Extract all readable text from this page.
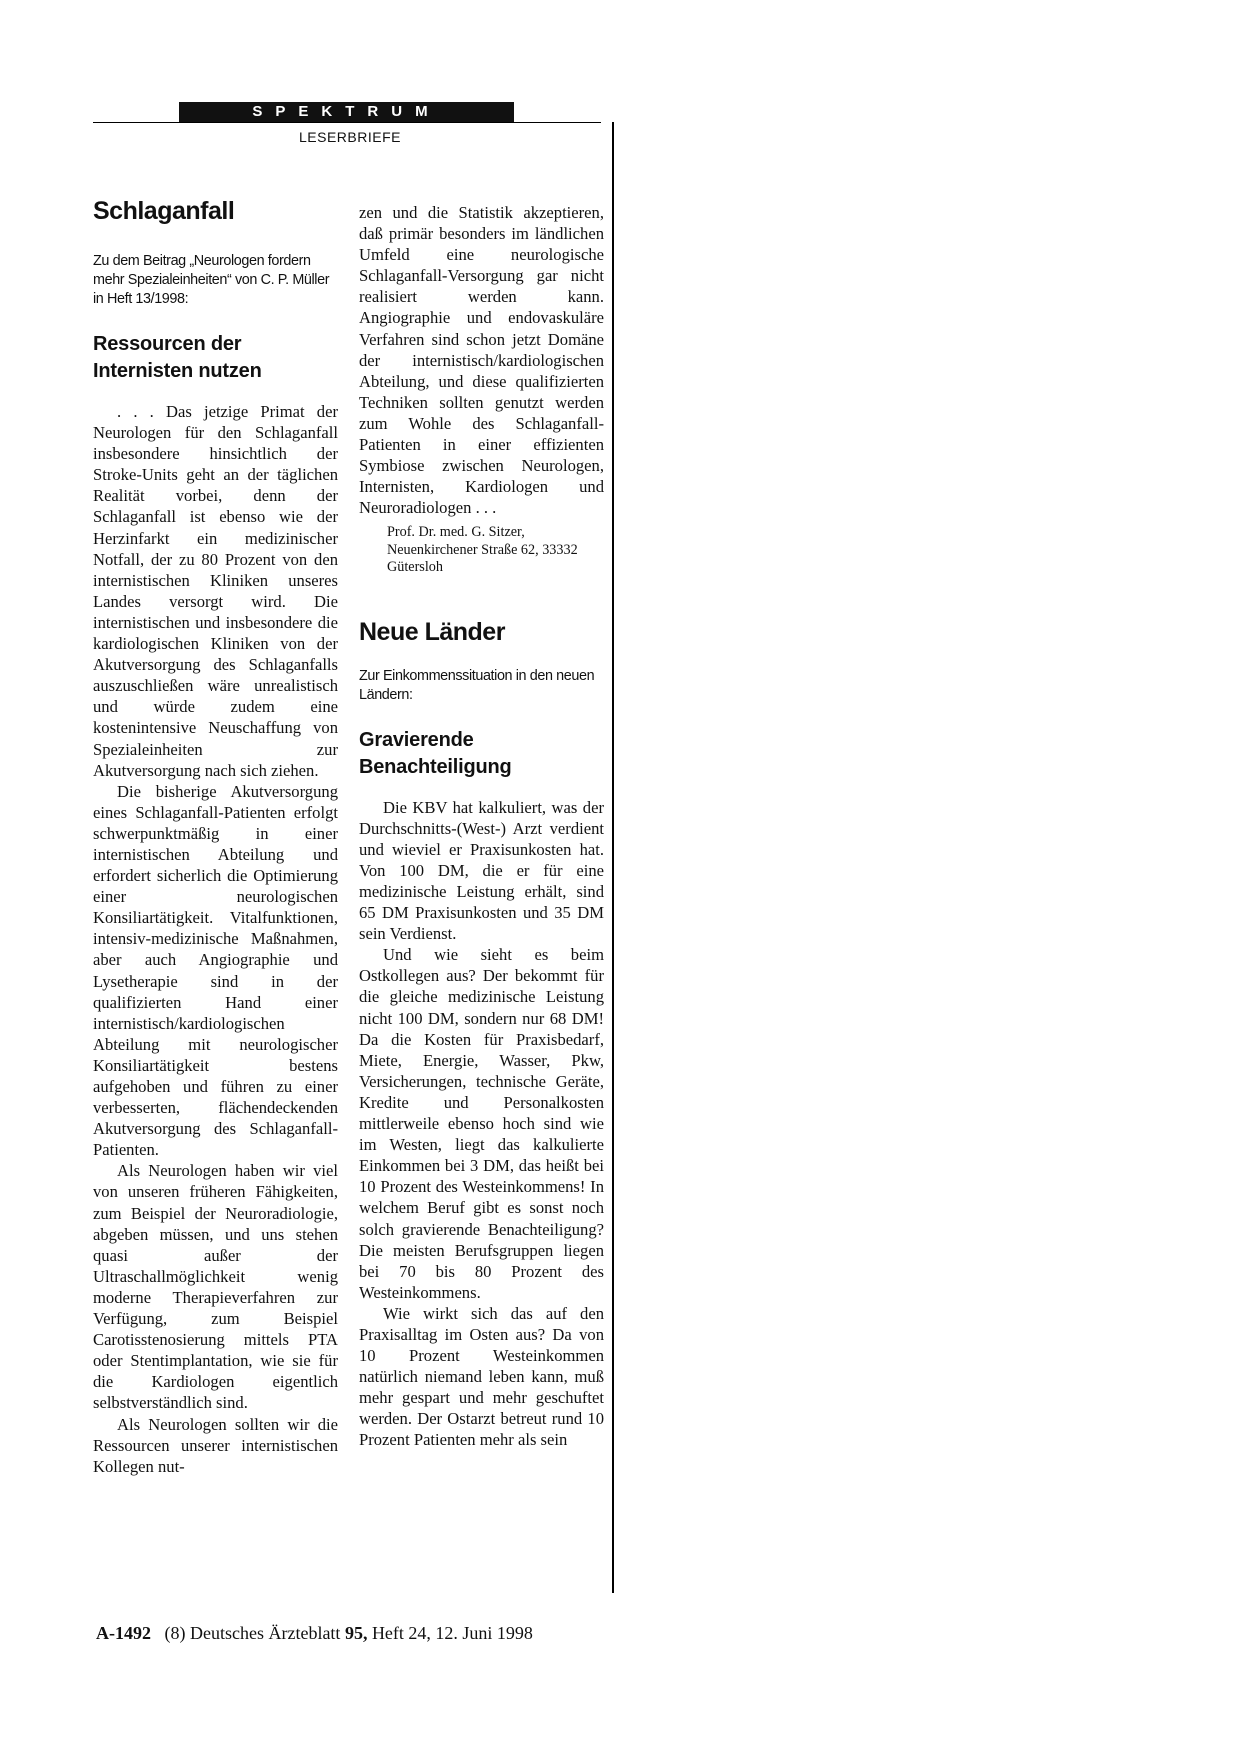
SPEKTRUM
LESERBRIEFE
Schlaganfall

Zu dem Beitrag „Neurologen fordern mehr Spezialeinheiten“ von C. P. Müller in Heft 13/1998:

Ressourcen der Internisten nutzen

. . . Das jetzige Primat der Neurologen für den Schlaganfall insbesondere hinsichtlich der Stroke-Units geht an der täglichen Realität vorbei, denn der Schlaganfall ist ebenso wie der Herzinfarkt ein medizinischer Notfall, der zu 80 Prozent von den internistischen Kliniken unseres Landes versorgt wird. Die internistischen und insbesondere die kardiologischen Kliniken von der Akutversorgung des Schlaganfalls auszuschließen wäre unrealistisch und würde zudem eine kostenintensive Neuschaffung von Spezialeinheiten zur Akutversorgung nach sich ziehen.

Die bisherige Akutversorgung eines Schlaganfall-Patienten erfolgt schwerpunktmäßig in einer internistischen Abteilung und erfordert sicherlich die Optimierung einer neurologischen Konsiliartätigkeit. Vitalfunktionen, intensiv-medizinische Maßnahmen, aber auch Angiographie und Lysetherapie sind in der qualifizierten Hand einer internistisch/kardiologischen Abteilung mit neurologischer Konsiliartätigkeit bestens aufgehoben und führen zu einer verbesserten, flächendeckenden Akutversorgung des Schlaganfall-Patienten.

Als Neurologen haben wir viel von unseren früheren Fähigkeiten, zum Beispiel der Neuroradiologie, abgeben müssen, und uns stehen quasi außer der Ultraschallmöglichkeit wenig moderne Therapieverfahren zur Verfügung, zum Beispiel Carotisstenosierung mittels PTA oder Stentimplantation, wie sie für die Kardiologen eigentlich selbstverständlich sind.

Als Neurologen sollten wir die Ressourcen unserer internistischen Kollegen nut-

zen und die Statistik akzeptieren, daß primär besonders im ländlichen Umfeld eine neurologische Schlaganfall-Versorgung gar nicht realisiert werden kann. Angiographie und endovaskuläre Verfahren sind schon jetzt Domäne der internistisch/kardiologischen Abteilung, und diese qualifizierten Techniken sollten genutzt werden zum Wohle des Schlaganfall-Patienten in einer effizienten Symbiose zwischen Neurologen, Internisten, Kardiologen und Neuroradiologen . . .

Prof. Dr. med. G. Sitzer, Neuenkirchener Straße 62, 33332 Gütersloh

Neue Länder

Zur Einkommenssituation in den neuen Ländern:

Gravierende Benachteiligung

Die KBV hat kalkuliert, was der Durchschnitts-(West-) Arzt verdient und wieviel er Praxisunkosten hat. Von 100 DM, die er für eine medizinische Leistung erhält, sind 65 DM Praxisunkosten und 35 DM sein Verdienst.

Und wie sieht es beim Ostkollegen aus? Der bekommt für die gleiche medizinische Leistung nicht 100 DM, sondern nur 68 DM! Da die Kosten für Praxisbedarf, Miete, Energie, Wasser, Pkw, Versicherungen, technische Geräte, Kredite und Personalkosten mittlerweile ebenso hoch sind wie im Westen, liegt das kalkulierte Einkommen bei 3 DM, das heißt bei 10 Prozent des Westeinkommens! In welchem Beruf gibt es sonst noch solch gravierende Benachteiligung? Die meisten Berufsgruppen liegen bei 70 bis 80 Prozent des Westeinkommens.

Wie wirkt sich das auf den Praxisalltag im Osten aus? Da von 10 Prozent Westeinkommen natürlich niemand leben kann, muß mehr gespart und mehr geschuftet werden. Der Ostarzt betreut rund 10 Prozent Patienten mehr als sein

A-1492 (8) Deutsches Ärzteblatt 95, Heft 24, 12. Juni 1998
